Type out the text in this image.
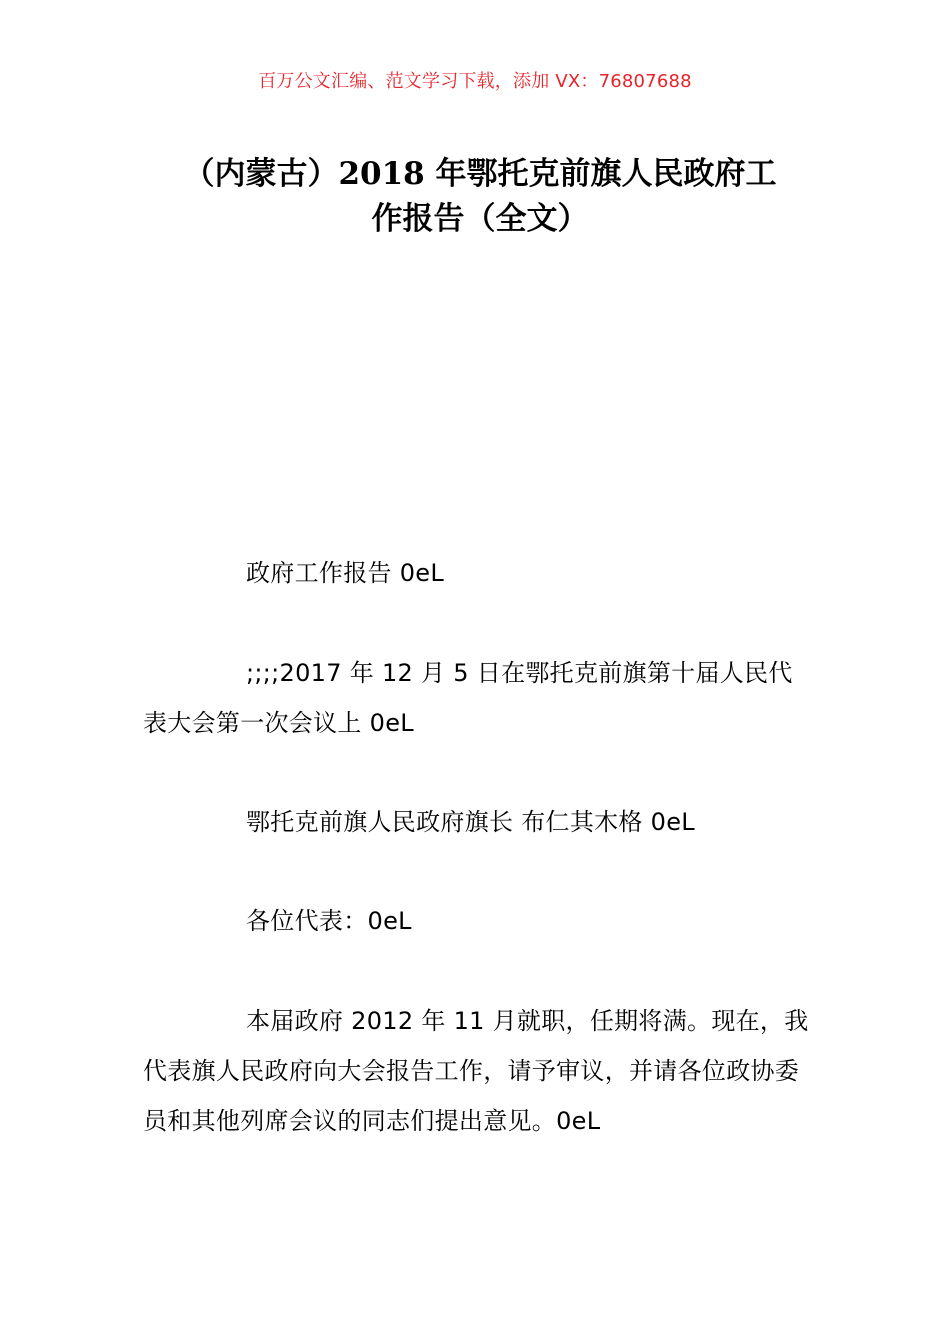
百万公文汇编、范文学习下载，添加 VX：76807688
（内蒙古）2018 年鄂托克前旗人民政府工
作报告（全文）

政府工作报告 0eL

;;;;2017 年 12 月 5 日在鄂托克前旗第十届人民代表大会第一次会议上 0eL

鄂托克前旗人民政府旗长 布仁其木格 0eL

各位代表：0eL

本届政府 2012 年 11 月就职，任期将满。现在，我代表旗人民政府向大会报告工作，请予审议，并请各位政协委员和其他列席会议的同志们提出意见。0eL
